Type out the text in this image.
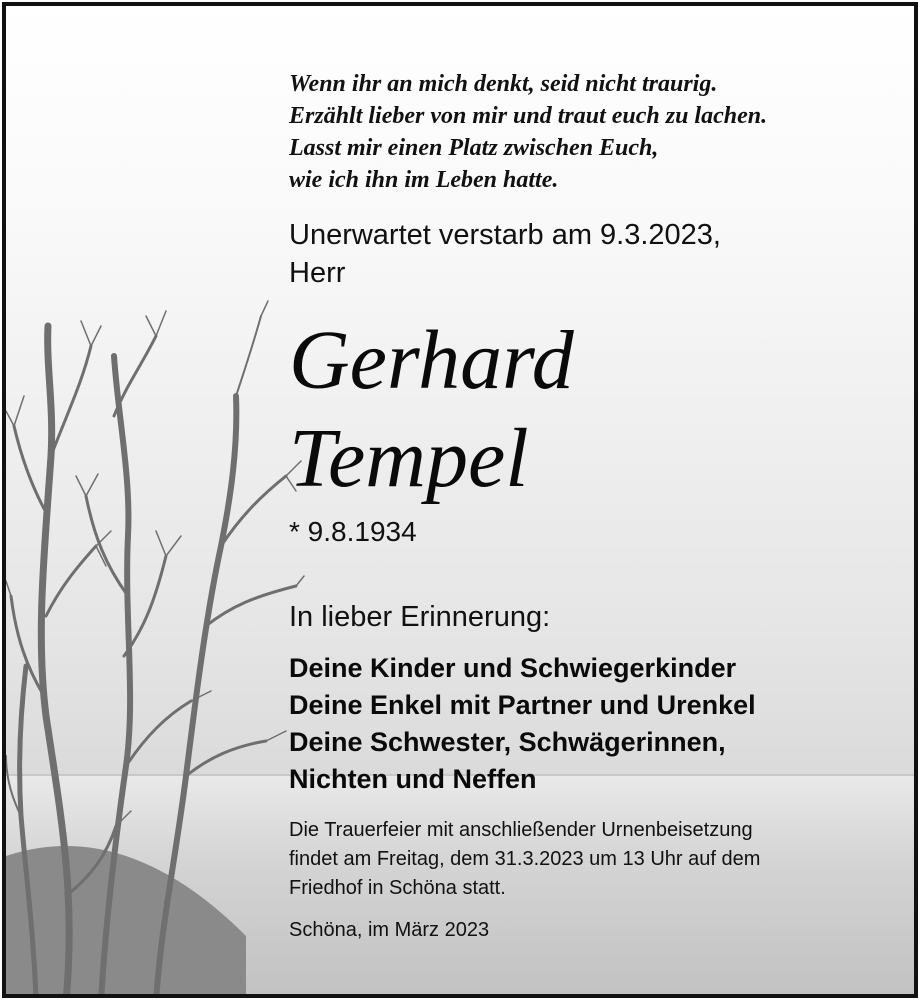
Wenn ihr an mich denkt, seid nicht traurig.
Erzählt lieber von mir und traut euch zu lachen.
Lasst mir einen Platz zwischen Euch,
wie ich ihn im Leben hatte.
Unerwartet verstarb am 9.3.2023,
Herr
Gerhard
Tempel
* 9.8.1934
In lieber Erinnerung:
Deine Kinder und Schwiegerkinder
Deine Enkel mit Partner und Urenkel
Deine Schwester, Schwägerinnen,
Nichten und Neffen
Die Trauerfeier mit anschließender Urnenbeisetzung
findet am Freitag, dem 31.3.2023 um 13 Uhr auf dem
Friedhof in Schöna statt.
Schöna, im März 2023
